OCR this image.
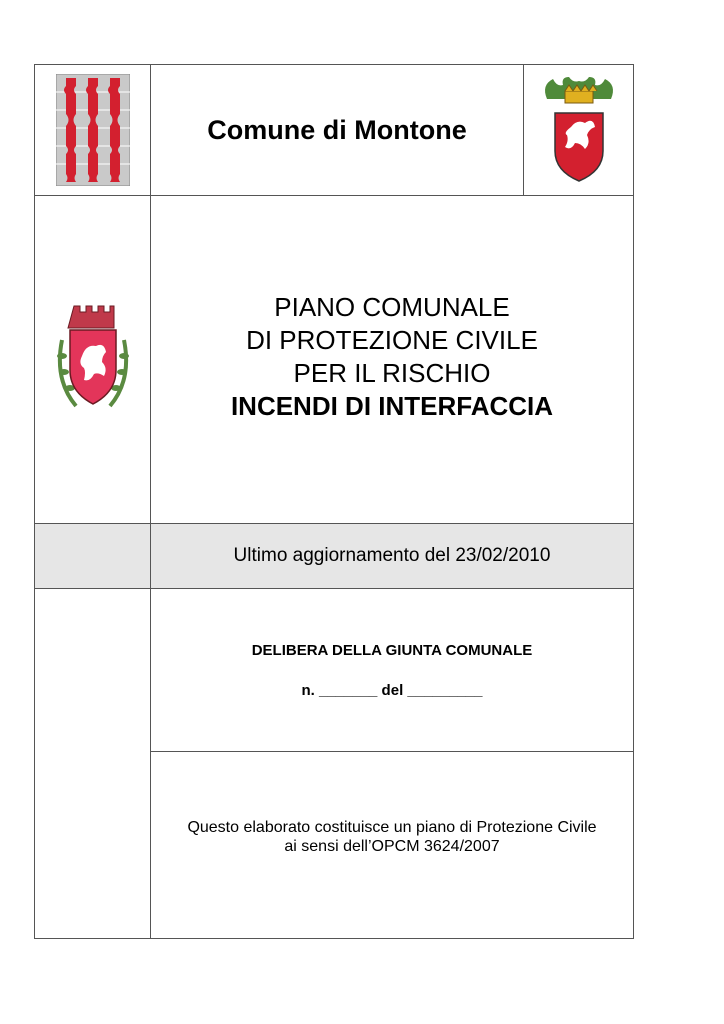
Comune di Montone
PIANO COMUNALE
DI PROTEZIONE CIVILE
PER IL RISCHIO
INCENDI DI INTERFACCIA
Ultimo aggiornamento del 23/02/2010
DELIBERA DELLA GIUNTA COMUNALE
n. _______ del _________
Questo elaborato costituisce un piano di Protezione Civile
ai sensi dell’OPCM 3624/2007
